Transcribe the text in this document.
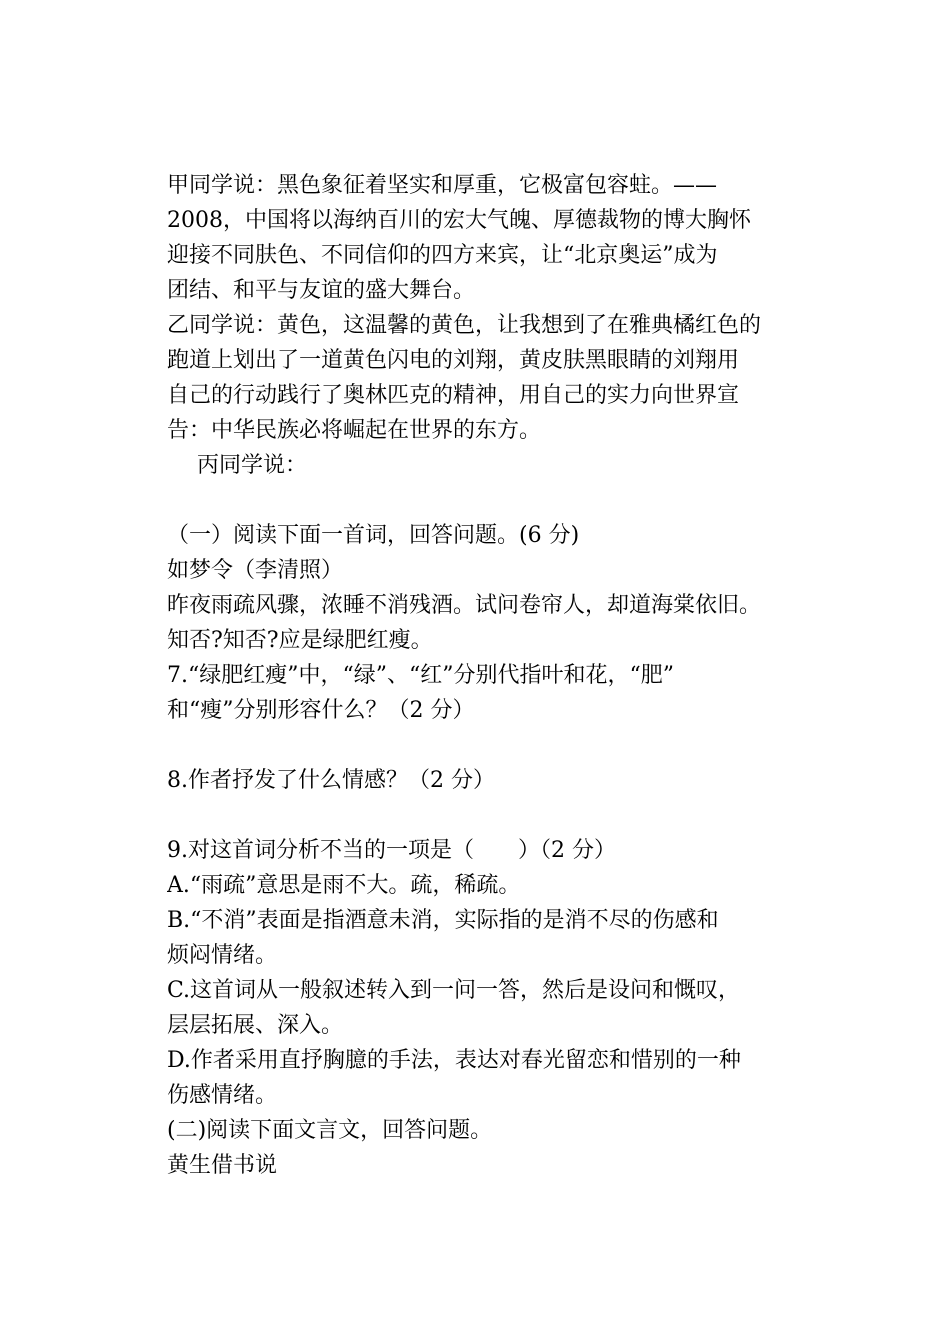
甲同学说：黑色象征着坚实和厚重，它极富包容蛀。——
2008，中国将以海纳百川的宏大气魄、厚德裁物的博大胸怀
迎接不同肤色、不同信仰的四方来宾，让“北京奥运”成为
团结、和平与友谊的盛大舞台。
乙同学说：黄色，这温馨的黄色，让我想到了在雅典橘红色的
跑道上划出了一道黄色闪电的刘翔，黄皮肤黑眼睛的刘翔用
自己的行动践行了奥林匹克的精神，用自己的实力向世界宣
告：中华民族必将崛起在世界的东方。
丙同学说：
（一）阅读下面一首词，回答问题。(6 分)
如梦令（李清照）
昨夜雨疏风骤，浓睡不消残酒。试问卷帘人，却道海棠依旧。
知否?知否?应是绿肥红瘦。
7.“绿肥红瘦”中，“绿”、“红”分别代指叶和花，“肥”
和“瘦”分别形容什么？（2 分）
8.作者抒发了什么情感？（2 分）
9.对这首词分析不当的一项是（　　）（2 分）
A.“雨疏”意思是雨不大。疏，稀疏。
B.“不消”表面是指酒意未消，实际指的是消不尽的伤感和
烦闷情绪。
C.这首词从一般叙述转入到一问一答，然后是设问和慨叹，
层层拓展、深入。
D.作者采用直抒胸臆的手法，表达对春光留恋和惜别的一种
伤感情绪。
(二)阅读下面文言文，回答问题。
黄生借书说
